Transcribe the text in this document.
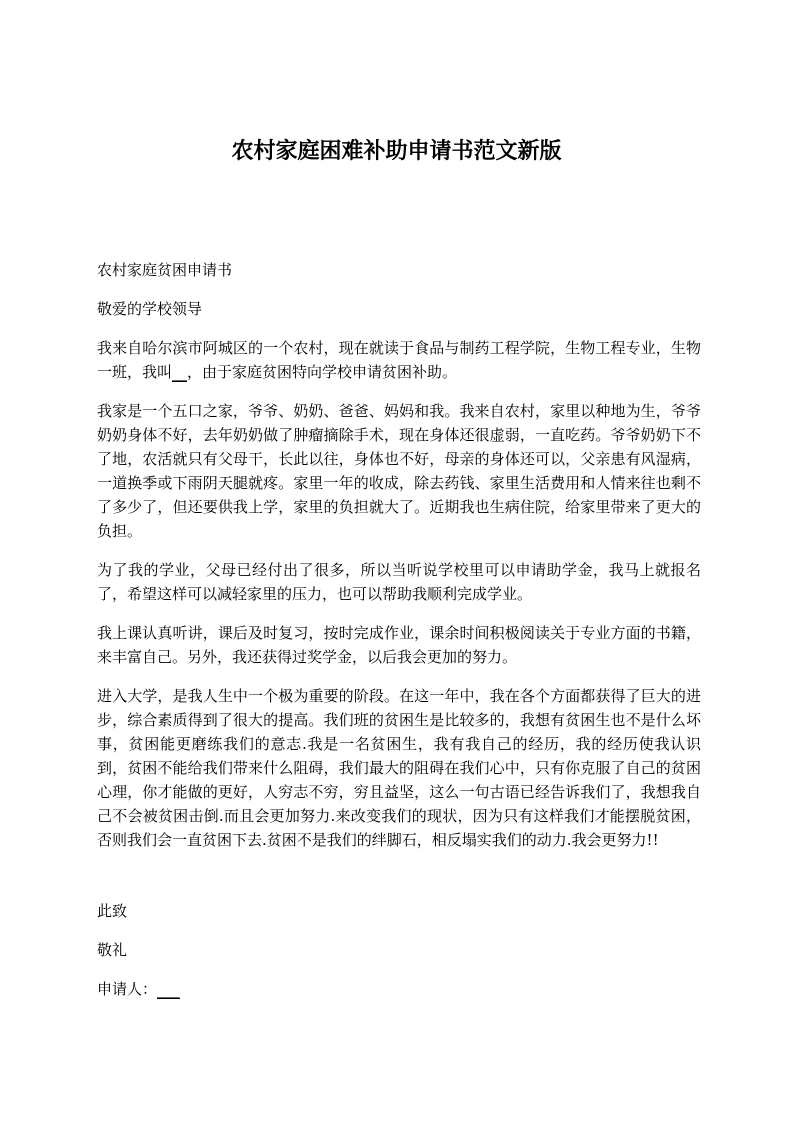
农村家庭困难补助申请书范文新版

农村家庭贫困申请书

敬爱的学校领导

我来自哈尔滨市阿城区的一个农村，现在就读于食品与制药工程学院，生物工程专业，生物一班，我叫__，由于家庭贫困特向学校申请贫困补助。

我家是一个五口之家，爷爷、奶奶、爸爸、妈妈和我。我来自农村，家里以种地为生，爷爷奶奶身体不好，去年奶奶做了肿瘤摘除手术，现在身体还很虚弱，一直吃药。爷爷奶奶下不了地，农活就只有父母干，长此以往，身体也不好，母亲的身体还可以，父亲患有风湿病，一道换季或下雨阴天腿就疼。家里一年的收成，除去药钱、家里生活费用和人情来往也剩不了多少了，但还要供我上学，家里的负担就大了。近期我也生病住院，给家里带来了更大的负担。

为了我的学业，父母已经付出了很多，所以当听说学校里可以申请助学金，我马上就报名了，希望这样可以减轻家里的压力，也可以帮助我顺利完成学业。

我上课认真听讲，课后及时复习，按时完成作业，课余时间积极阅读关于专业方面的书籍，来丰富自己。另外，我还获得过奖学金，以后我会更加的努力。

进入大学，是我人生中一个极为重要的阶段。在这一年中，我在各个方面都获得了巨大的进步，综合素质得到了很大的提高。我们班的贫困生是比较多的，我想有贫困生也不是什么坏事，贫困能更磨练我们的意志.我是一名贫困生，我有我自己的经历，我的经历使我认识到，贫困不能给我们带来什么阻碍，我们最大的阻碍在我们心中，只有你克服了自己的贫困心理，你才能做的更好，人穷志不穷，穷且益坚，这么一句古语已经告诉我们了，我想我自己不会被贫困击倒.而且会更加努力.来改变我们的现状，因为只有这样我们才能摆脱贫困，否则我们会一直贫困下去.贫困不是我们的绊脚石，相反塌实我们的动力.我会更努力!!

此致

敬礼

申请人：___
